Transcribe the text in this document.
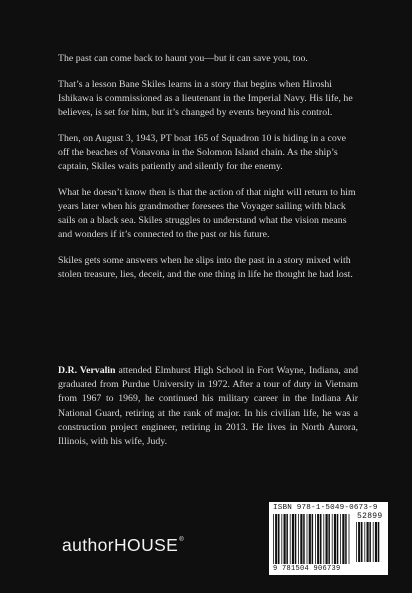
The past can come back to haunt you—but it can save you, too.

That’s a lesson Bane Skiles learns in a story that begins when Hiroshi Ishikawa is commissioned as a lieutenant in the Imperial Navy. His life, he believes, is set for him, but it’s changed by events beyond his control.

Then, on August 3, 1943, PT boat 165 of Squadron 10 is hiding in a cove off the beaches of Vonavona in the Solomon Island chain. As the ship’s captain, Skiles waits patiently and silently for the enemy.

What he doesn’t know then is that the action of that night will return to him years later when his grandmother foresees the Voyager sailing with black sails on a black sea. Skiles struggles to understand what the vision means and wonders if it’s connected to the past or his future.

Skiles gets some answers when he slips into the past in a story mixed with stolen treasure, lies, deceit, and the one thing in life he thought he had lost.

D.R. Vervalin attended Elmhurst High School in Fort Wayne, Indiana, and graduated from Purdue University in 1972. After a tour of duty in Vietnam from 1967 to 1969, he continued his military career in the Indiana Air National Guard, retiring at the rank of major. In his civilian life, he was a construction project engineer, retiring in 2013. He lives in North Aurora, Illinois, with his wife, Judy.
authorHOUSE®
ISBN 978-1-5049-0673-9
52899
9 781504 906739
